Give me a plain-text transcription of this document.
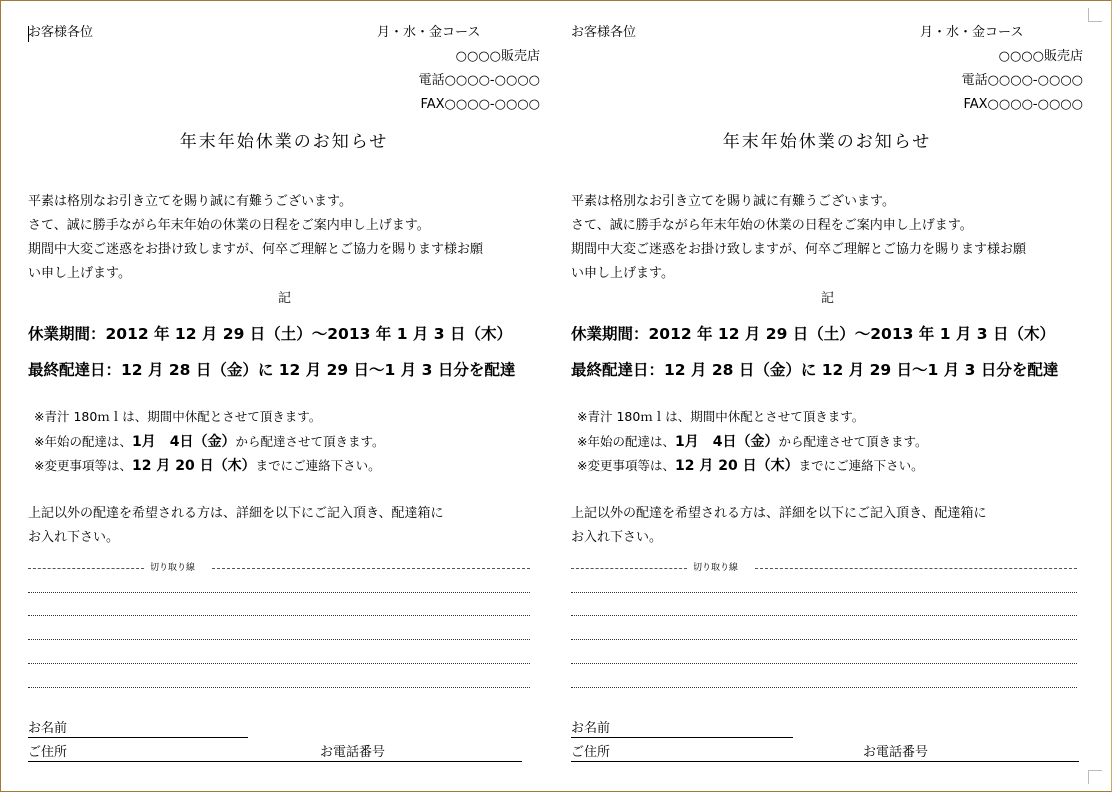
お客様各位	月・水・金コース
○○○○販売店
電話○○○○-○○○○
FAX○○○○-○○○○
年末年始休業のお知らせ
平素は格別なお引き立てを賜り誠に有難うございます。
さて、誠に勝手ながら年末年始の休業の日程をご案内申し上げます。
期間中大変ご迷惑をお掛け致しますが、何卒ご理解とご協力を賜ります様お願
い申し上げます。
記
休業期間：2012 年 12 月 29 日（土）～2013 年 1 月 3 日（木）
最終配達日：12 月 28 日（金）に 12 月 29 日～1 月 3 日分を配達
※青汁 180ｍｌは、期間中休配とさせて頂きます。
※年始の配達は、1月　4日（金）から配達させて頂きます。
※変更事項等は、12 月 20 日（木）までにご連絡下さい。
上記以外の配達を希望される方は、詳細を以下にご記入頂き、配達箱に
お入れ下さい。
切り取り線
お名前
ご住所	お電話番号
お客様各位	月・水・金コース
○○○○販売店
電話○○○○-○○○○
FAX○○○○-○○○○
年末年始休業のお知らせ
平素は格別なお引き立てを賜り誠に有難うございます。
さて、誠に勝手ながら年末年始の休業の日程をご案内申し上げます。
期間中大変ご迷惑をお掛け致しますが、何卒ご理解とご協力を賜ります様お願
い申し上げます。
記
休業期間：2012 年 12 月 29 日（土）～2013 年 1 月 3 日（木）
最終配達日：12 月 28 日（金）に 12 月 29 日～1 月 3 日分を配達
※青汁 180ｍｌは、期間中休配とさせて頂きます。
※年始の配達は、1月　4日（金）から配達させて頂きます。
※変更事項等は、12 月 20 日（木）までにご連絡下さい。
上記以外の配達を希望される方は、詳細を以下にご記入頂き、配達箱に
お入れ下さい。
切り取り線
お名前
ご住所	お電話番号
